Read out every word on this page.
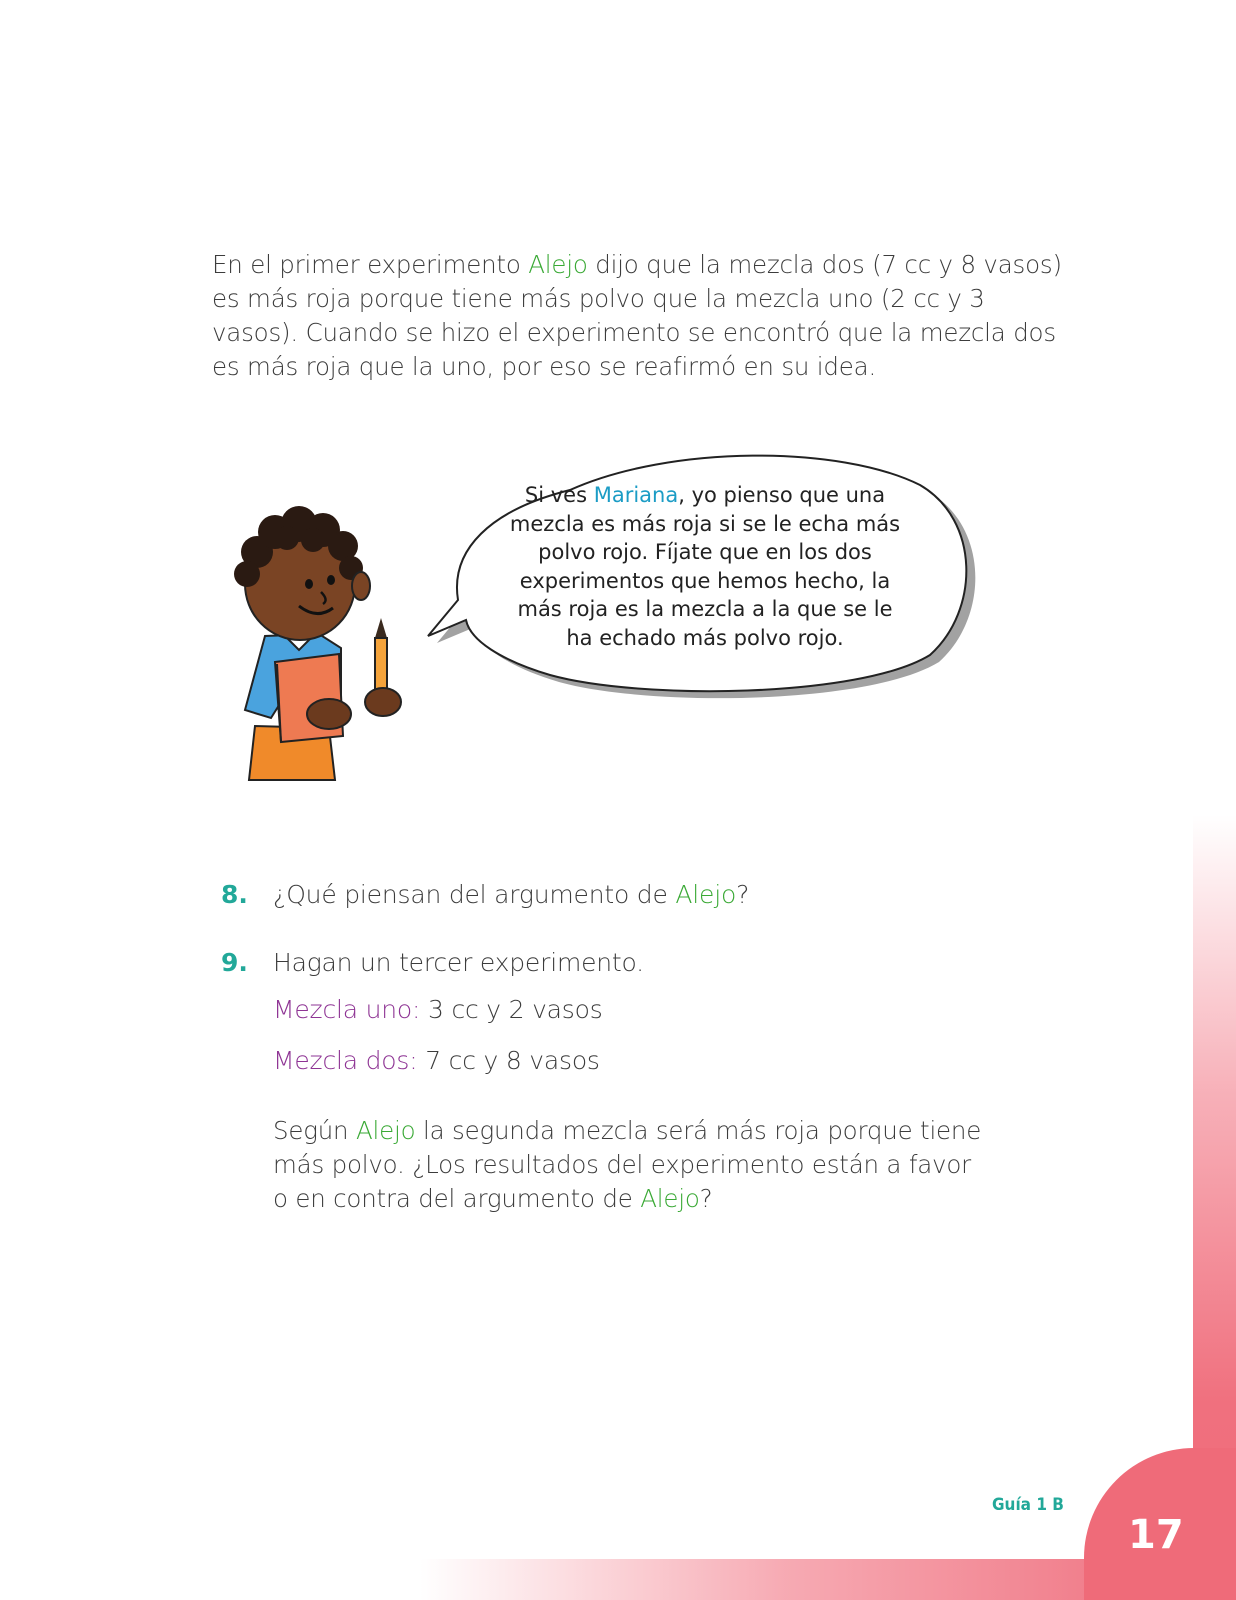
17
Guía 1 B

En el primer experimento Alejo dijo que la mezcla dos (7 cc y 8 vasos) es más roja porque tiene más polvo que la mezcla uno (2 cc y 3 vasos). Cuando se hizo el experimento se encontró que la mezcla dos es más roja que la uno, por eso se reafirmó en su idea.

Si ves Mariana, yo pienso que una mezcla es más roja si se le echa más polvo rojo. Fíjate que en los dos experimentos que hemos hecho, la más roja es la mezcla a la que se le ha echado más polvo rojo.
8. ¿Qué piensan del argumento de Alejo?
9. Hagan un tercer experimento.
Mezcla uno: 3 cc y 2 vasos
Mezcla dos: 7 cc y 8 vasos

Según Alejo la segunda mezcla será más roja porque tiene más polvo. ¿Los resultados del experimento están a favor o en contra del argumento de Alejo?
